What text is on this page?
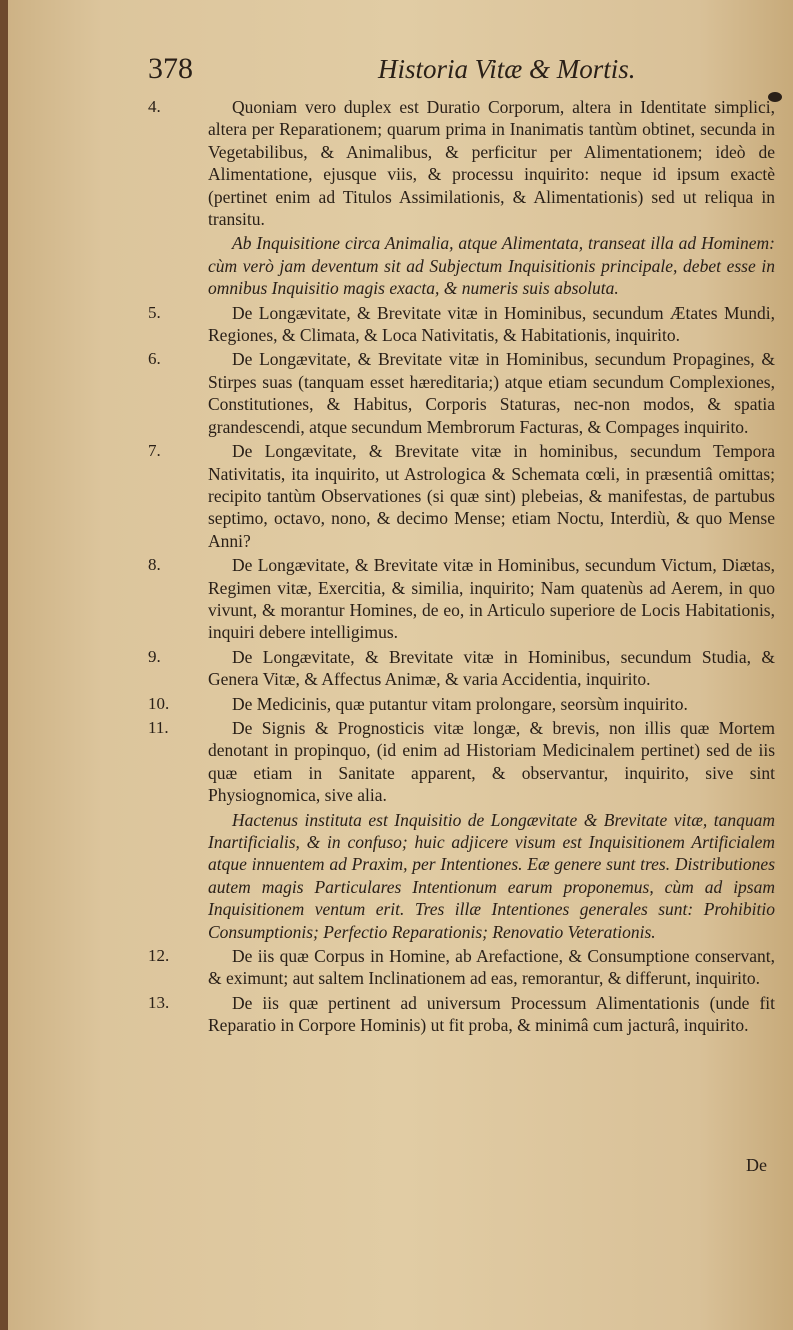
378	Historia Vitæ & Mortis.

4.	Quoniam vero duplex est Duratio Corporum, altera in Identitate simplici, altera per Reparationem; quarum prima in Inanimatis tantùm obtinet, secunda in Vegetabilibus, & Animalibus, & perficitur per Alimentationem; ideò de Alimentatione, ejusque viis, & processu inquirito: neque id ipsum exactè (pertinet enim ad Titulos Assimilationis, & Alimentationis) sed ut reliqua in transitu.

Ab Inquisitione circa Animalia, atque Alimentata, transeat illa ad Hominem: cùm verò jam deventum sit ad Subjectum Inquisitionis principale, debet esse in omnibus Inquisitio magis exacta, & numeris suis absoluta.

5.	De Longævitate, & Brevitate vitæ in Hominibus, secundum Ætates Mundi, Regiones, & Climata, & Loca Nativitatis, & Habitationis, inquirito.

6.	De Longævitate, & Brevitate vitæ in Hominibus, secundum Propagines, & Stirpes suas (tanquam esset hæreditaria;) atque etiam secundum Complexiones, Constitutiones, & Habitus, Corporis Staturas, nec-non modos, & spatia grandescendi, atque secundum Membrorum Facturas, & Compages inquirito.

7.	De Longævitate, & Brevitate vitæ in hominibus, secundum Tempora Nativitatis, ita inquirito, ut Astrologica & Schemata cœli, in præsentiâ omittas; recipito tantùm Observationes (si quæ sint) plebeias, & manifestas, de partubus septimo, octavo, nono, & decimo Mense; etiam Noctu, Interdiù, & quo Mense Anni?

8.	De Longævitate, & Brevitate vitæ in Hominibus, secundum Victum, Diætas, Regimen vitæ, Exercitia, & similia, inquirito; Nam quatenùs ad Aerem, in quo vivunt, & morantur Homines, de eo, in Articulo superiore de Locis Habitationis, inquiri debere intelligimus.

9.	De Longævitate, & Brevitate vitæ in Hominibus, secundum Studia, & Genera Vitæ, & Affectus Animæ, & varia Accidentia, inquirito.

10.	De Medicinis, quæ putantur vitam prolongare, seorsùm inquirito.

11.	De Signis & Prognosticis vitæ longæ, & brevis, non illis quæ Mortem denotant in propinquo, (id enim ad Historiam Medicinalem pertinet) sed de iis quæ etiam in Sanitate apparent, & observantur, inquirito, sive sint Physiognomica, sive alia.

Hactenus instituta est Inquisitio de Longævitate & Brevitate vitæ, tanquam Inartificialis, & in confuso; huic adjicere visum est Inquisitionem Artificialem atque innuentem ad Praxim, per Intentiones. Eæ genere sunt tres. Distributiones autem magis Particulares Intentionum earum proponemus, cùm ad ipsam Inquisitionem ventum erit. Tres illæ Intentiones generales sunt: Prohibitio Consumptionis; Perfectio Reparationis; Renovatio Veterationis.

12.	De iis quæ Corpus in Homine, ab Arefactione, & Consumptione conservant, & eximunt; aut saltem Inclinationem ad eas, remorantur, & differunt, inquirito.

13.	De iis quæ pertinent ad universum Processum Alimentationis (unde fit Reparatio in Corpore Hominis) ut fit proba, & minimâ cum jacturâ, inquirito.

De
